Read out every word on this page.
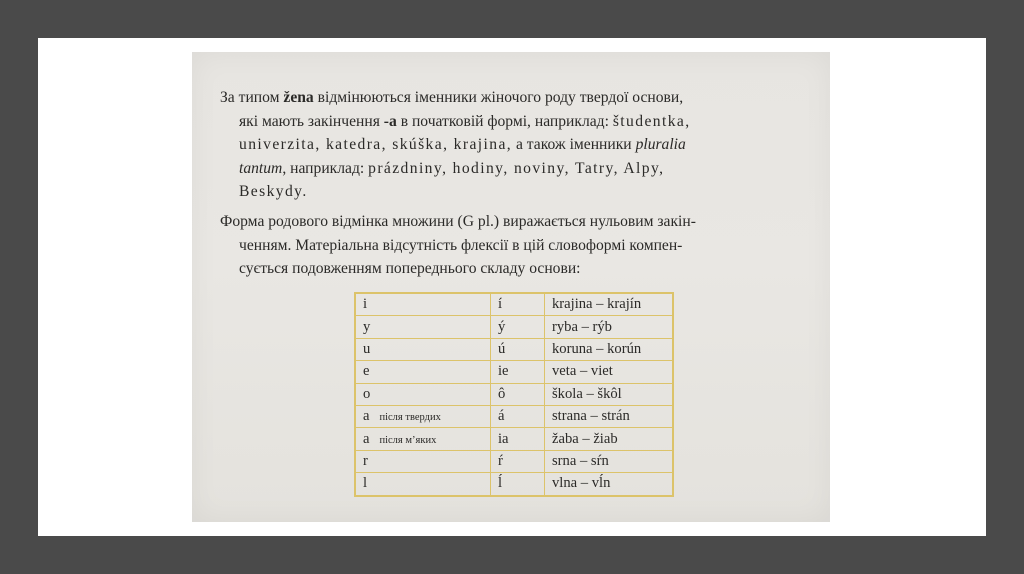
За типом žena відмінюються іменники жіночого роду твердої основи,
які мають закінчення -a в початковій формі, наприклад: študentka,
univerzita, katedra, skúška, krajina, а також іменники pluralia
tantum, наприклад: prázdniny, hodiny, noviny, Tatry, Alpy,
Beskydy.
Форма родового відмінка множини (G pl.) виражається нульовим закін-
ченням. Матеріальна відсутність флексії в цій словоформі компен-
сується подовженням попереднього складу основи:
i	í	krajina – krajín
y	ý	ryba – rýb
u	ú	koruna – korún
e	ie	veta – viet
o	ô	škola – škôl
a після твердих	á	strana – strán
a після м’яких	ia	žaba – žiab
r	ŕ	srna – sŕn
l	ĺ	vlna – vĺn
